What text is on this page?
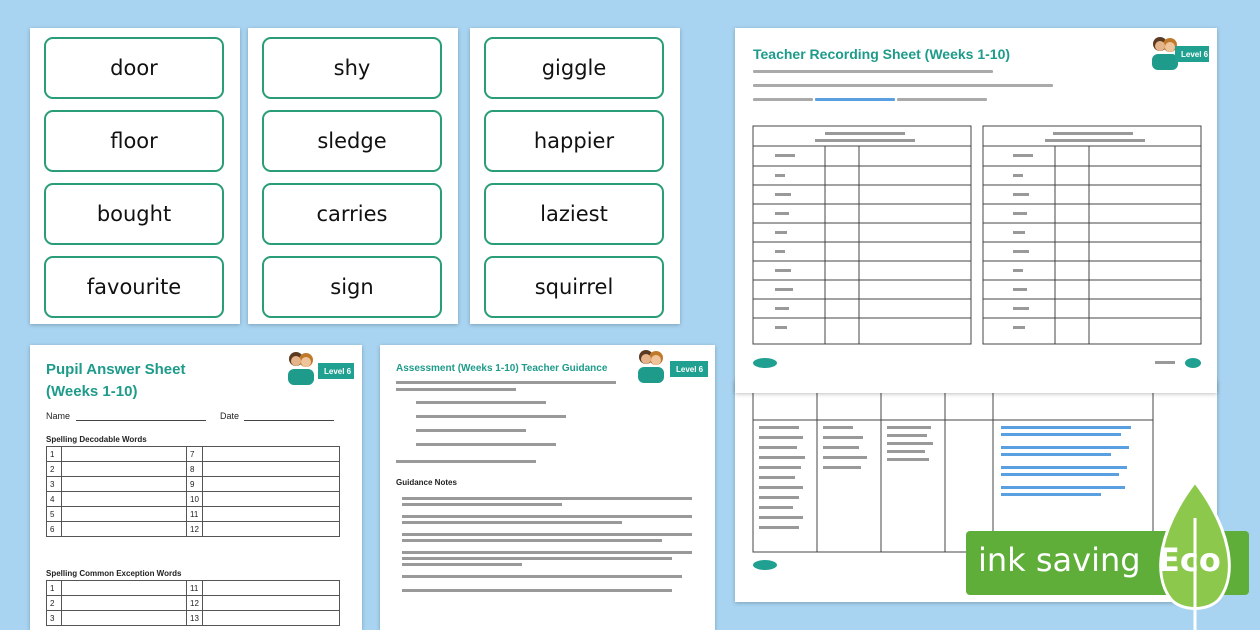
door
floor
bought
favourite
shy
sledge
carries
sign
giggle
happier
laziest
squirrel
Teacher Recording Sheet (Weeks 1-10)	Level 6
Pupil Answer Sheet
(Weeks 1-10)
Level 6
Name	Date
Spelling Decodable Words
1		7	
2		8	
3		9	
4		10	
5		11	
6		12	
Spelling Common Exception Words
1		11	
2		12	
3		13	
Assessment (Weeks 1-10) Teacher Guidance	Level 6
Guidance Notes
ink saving Eco
